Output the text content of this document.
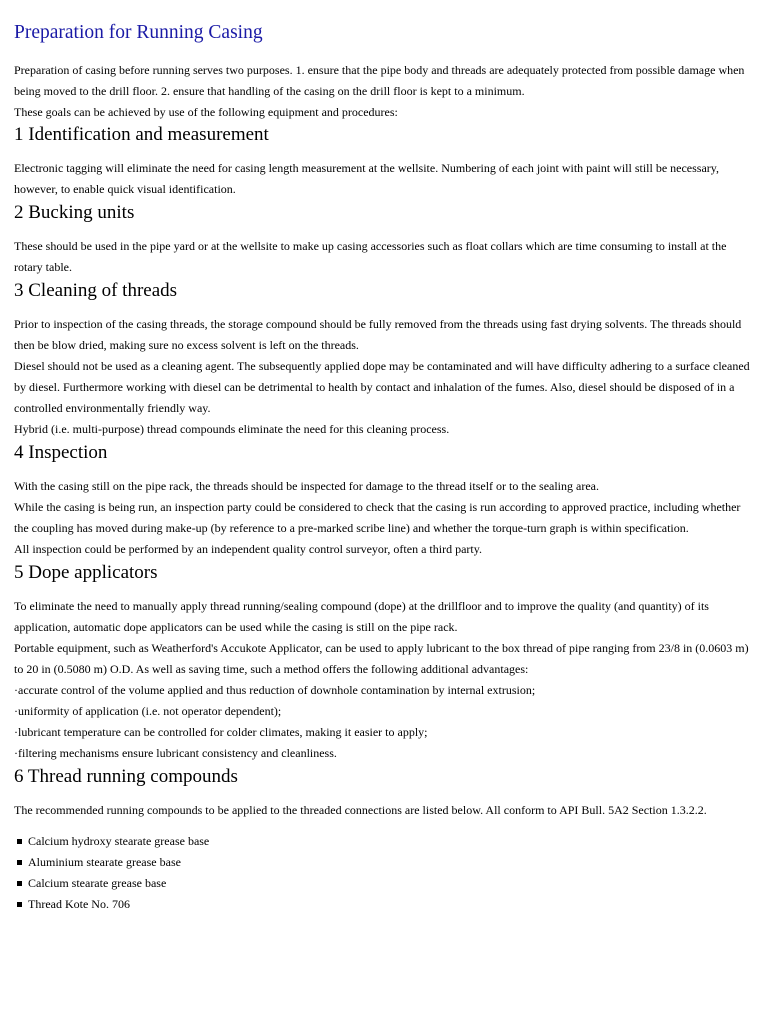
Preparation for Running Casing

Preparation of casing before running serves two purposes. 1. ensure that the pipe body and threads are adequately protected from possible damage when being moved to the drill floor. 2. ensure that handling of the casing on the drill floor is kept to a minimum.

These goals can be achieved by use of the following equipment and procedures:

1 Identification and measurement

Electronic tagging will eliminate the need for casing length measurement at the wellsite. Numbering of each joint with paint will still be necessary, however, to enable quick visual identification.

2 Bucking units

These should be used in the pipe yard or at the wellsite to make up casing accessories such as float collars which are time consuming to install at the rotary table.

3 Cleaning of threads

Prior to inspection of the casing threads, the storage compound should be fully removed from the threads using fast drying solvents. The threads should then be blow dried, making sure no excess solvent is left on the threads.

Diesel should not be used as a cleaning agent. The subsequently applied dope may be contaminated and will have difficulty adhering to a surface cleaned by diesel. Furthermore working with diesel can be detrimental to health by contact and inhalation of the fumes. Also, diesel should be disposed of in a controlled environmentally friendly way.

Hybrid (i.e. multi-purpose) thread compounds eliminate the need for this cleaning process.

4 Inspection

With the casing still on the pipe rack, the threads should be inspected for damage to the thread itself or to the sealing area.

While the casing is being run, an inspection party could be considered to check that the casing is run according to approved practice, including whether the coupling has moved during make-up (by reference to a pre-marked scribe line) and whether the torque-turn graph is within specification.

All inspection could be performed by an independent quality control surveyor, often a third party.

5 Dope applicators

To eliminate the need to manually apply thread running/sealing compound (dope) at the drillfloor and to improve the quality (and quantity) of its application, automatic dope applicators can be used while the casing is still on the pipe rack.

Portable equipment, such as Weatherford's Accukote Applicator, can be used to apply lubricant to the box thread of pipe ranging from 23/8 in (0.0603 m) to 20 in (0.5080 m) O.D. As well as saving time, such a method offers the following additional advantages:

·accurate control of the volume applied and thus reduction of downhole contamination by internal extrusion;

·uniformity of application (i.e. not operator dependent);

·lubricant temperature can be controlled for colder climates, making it easier to apply;

·filtering mechanisms ensure lubricant consistency and cleanliness.

6 Thread running compounds

The recommended running compounds to be applied to the threaded connections are listed below. All conform to API Bull. 5A2 Section 1.3.2.2.

Calcium hydroxy stearate grease base
Aluminium stearate grease base
Calcium stearate grease base
Thread Kote No. 706
